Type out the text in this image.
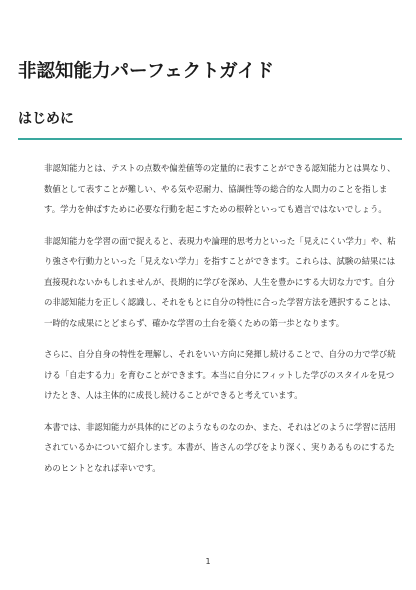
非認知能力パーフェクトガイド
はじめに

非認知能力とは、テストの点数や偏差値等の定量的に表すことができる認知能力とは異なり、数値として表すことが難しい、やる気や忍耐力、協調性等の総合的な人間力のことを指します。学力を伸ばすために必要な行動を起こすための根幹といっても過言ではないでしょう。

非認知能力を学習の面で捉えると、表現力や論理的思考力といった「見えにくい学力」や、粘り強さや行動力といった「見えない学力」を指すことができます。これらは、試験の結果には直接現れないかもしれませんが、長期的に学びを深め、人生を豊かにする大切な力です。自分の非認知能力を正しく認識し、それをもとに自分の特性に合った学習方法を選択することは、一時的な成果にとどまらず、確かな学習の土台を築くための第一歩となります。

さらに、自分自身の特性を理解し、それをいい方向に発揮し続けることで、自分の力で学び続ける「自走する力」を育むことができます。本当に自分にフィットした学びのスタイルを見つけたとき、人は主体的に成長し続けることができると考えています。

本書では、非認知能力が具体的にどのようなものなのか、また、それはどのように学習に活用されているかについて紹介します。本書が、皆さんの学びをより深く、実りあるものにするためのヒントとなれば幸いです。

1
